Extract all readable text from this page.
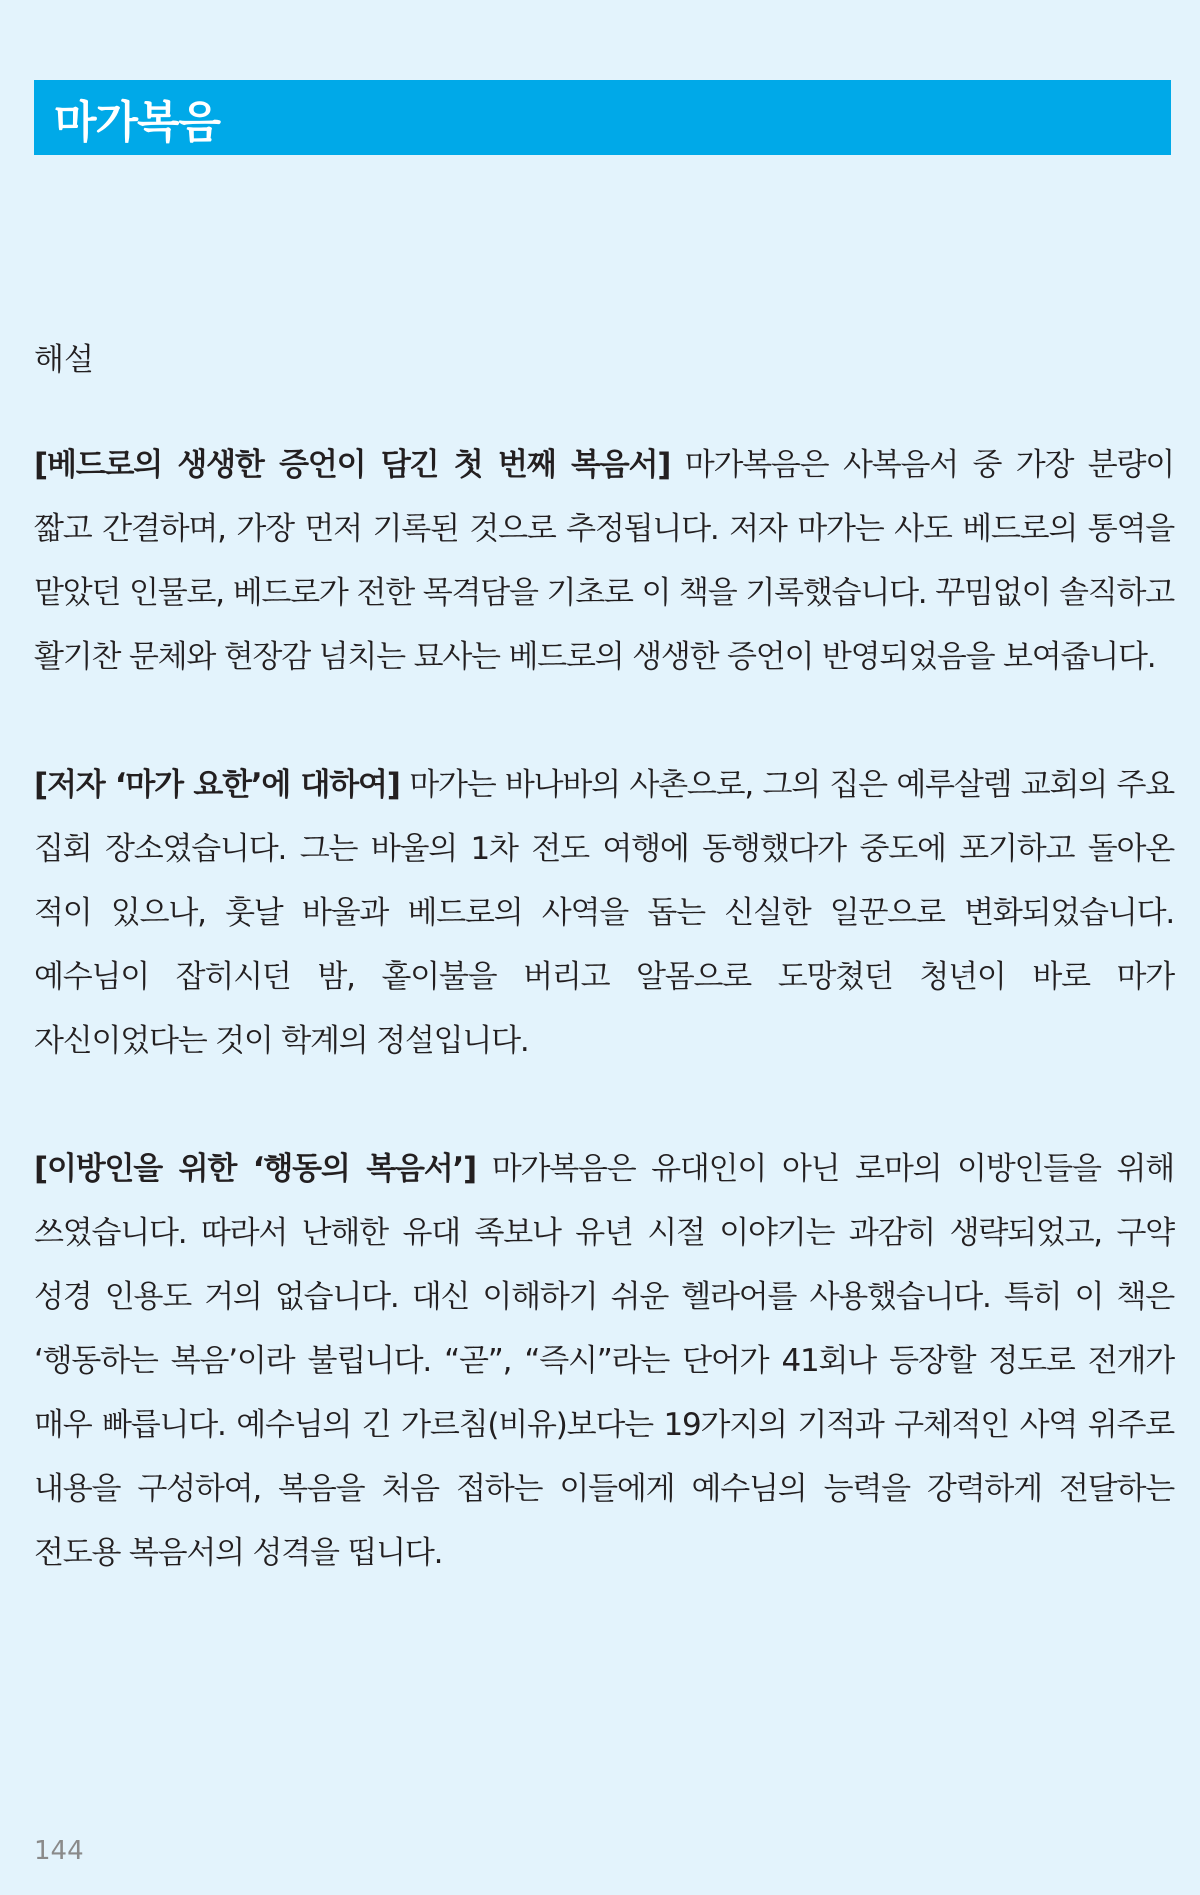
마가복음

해설

[베드로의 생생한 증언이 담긴 첫 번째 복음서] 마가복음은 사복음서 중 가장 분량이 짧고 간결하며, 가장 먼저 기록된 것으로 추정됩니다. 저자 마가는 사도 베드로의 통역을 맡았던 인물로, 베드로가 전한 목격담을 기초로 이 책을 기록했습니다. 꾸밈없이 솔직하고 활기찬 문체와 현장감 넘치는 묘사는 베드로의 생생한 증언이 반영되었음을 보여줍니다.

[저자 ‘마가 요한’에 대하여] 마가는 바나바의 사촌으로, 그의 집은 예루살렘 교회의 주요 집회 장소였습니다. 그는 바울의 1차 전도 여행에 동행했다가 중도에 포기하고 돌아온 적이 있으나, 훗날 바울과 베드로의 사역을 돕는 신실한 일꾼으로 변화되었습니다. 예수님이 잡히시던 밤, 홑이불을 버리고 알몸으로 도망쳤던 청년이 바로 마가 자신이었다는 것이 학계의 정설입니다.

[이방인을 위한 ‘행동의 복음서’] 마가복음은 유대인이 아닌 로마의 이방인들을 위해 쓰였습니다. 따라서 난해한 유대 족보나 유년 시절 이야기는 과감히 생략되었고, 구약 성경 인용도 거의 없습니다. 대신 이해하기 쉬운 헬라어를 사용했습니다. 특히 이 책은 ‘행동하는 복음’이라 불립니다. “곧”, “즉시”라는 단어가 41회나 등장할 정도로 전개가 매우 빠릅니다. 예수님의 긴 가르침(비유)보다는 19가지의 기적과 구체적인 사역 위주로 내용을 구성하여, 복음을 처음 접하는 이들에게 예수님의 능력을 강력하게 전달하는 전도용 복음서의 성격을 띱니다.

144
